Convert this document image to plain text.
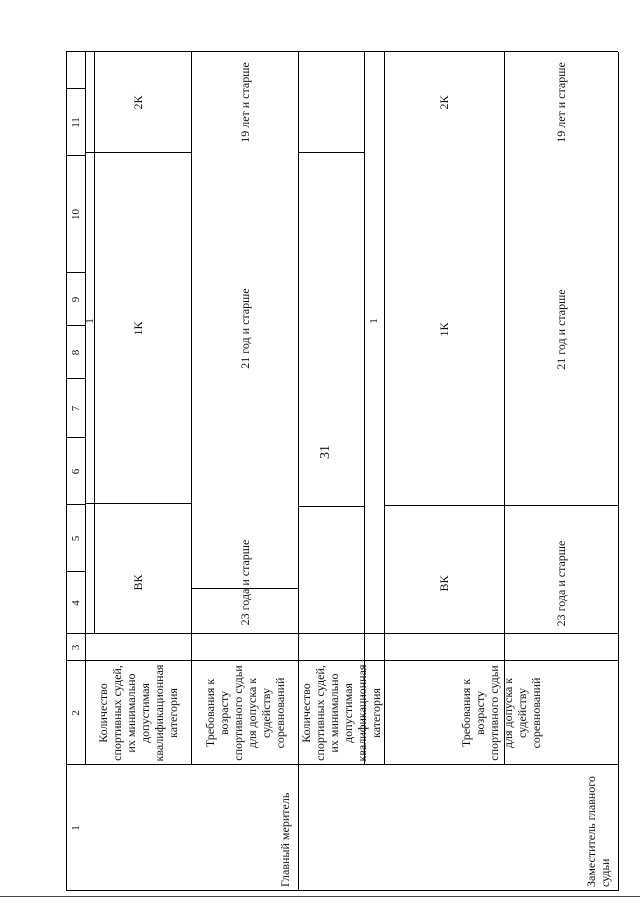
31
1
2
3
4
5
6
7
8
9
10
11
Главный меритель
Количество спортивных судей, их минимально допустимая квалификационная категория	Требования к возрасту спортивного судьи для допуска к судейству соревнований
1
ВК
1К
2К
23 года и старше
21 год и старше
19 лет и старше
Заместитель главного судьи
Количество спортивных судей, их минимально допустимая квалификационная категория	Требования к возрасту спортивного судьи для допуска к судейству соревнований
1
ВК
1К
2К
23 года и старше
21 год и старше
19 лет и старше
